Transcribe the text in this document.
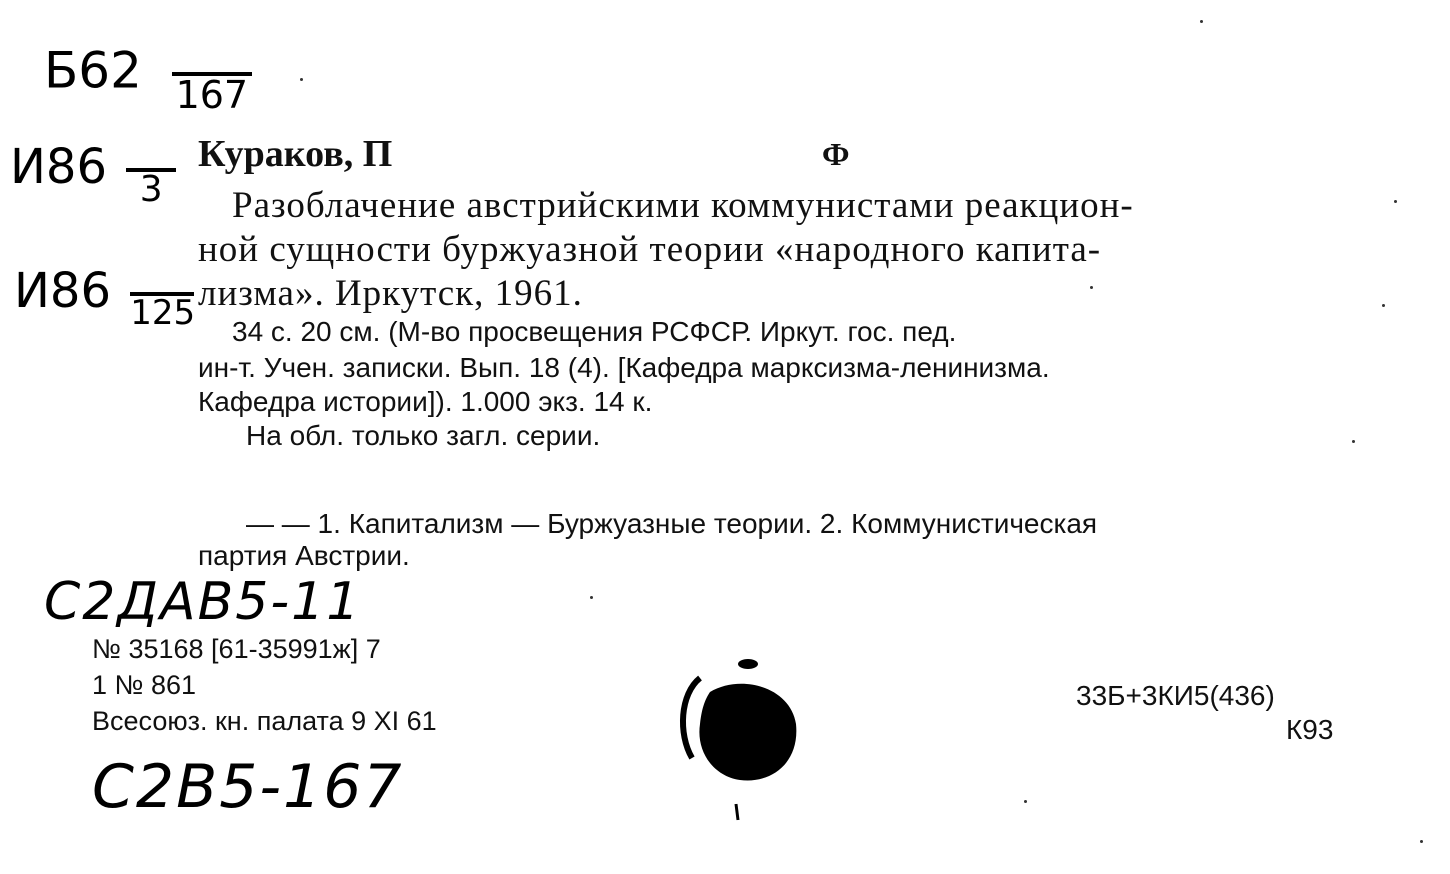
Б62
167
И86
3
И86
125
Кураков, П	Ф
Разоблачение австрийскими коммунистами реакцион-
ной сущности буржуазной теории «народного капита-
лизма». Иркутск, 1961.
34 с. 20 см. (М-во просвещения РСФСР. Иркут. гос. пед.
ин-т. Учен. записки. Вып. 18 (4). [Кафедра марксизма-ленинизма.
Кафедра истории]). 1.000 экз. 14 к.
На обл. только загл. серии.
— — 1. Капитализм — Буржуазные теории. 2. Коммунистическая
партия Австрии.
C2ДАВ5-11
№ 35168 [61-35991ж] 7
1 № 861
Всесоюз. кн. палата 9 XI 61
33Б+3КИ5(436)
К93
C2В5-167
